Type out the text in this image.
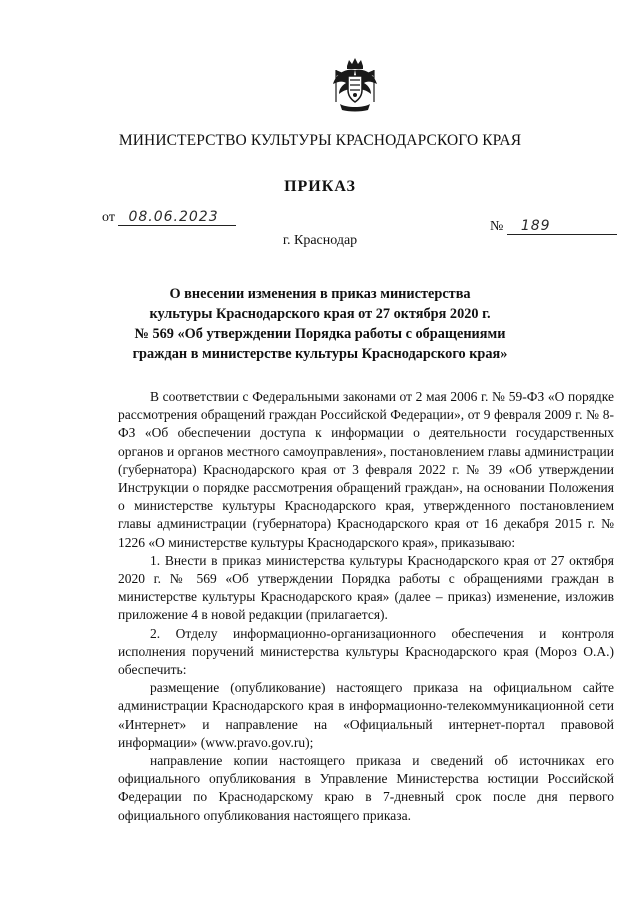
МИНИСТЕРСТВО КУЛЬТУРЫ КРАСНОДАРСКОГО КРАЯ
ПРИКАЗ
от 08.06.2023
№ 189
г. Краснодар
О внесении изменения в приказ министерства
культуры Краснодарского края от 27 октября 2020 г.
№ 569 «Об утверждении Порядка работы с обращениями
граждан в министерстве культуры Краснодарского края»

В соответствии с Федеральными законами от 2 мая 2006 г. № 59-ФЗ «О порядке рассмотрения обращений граждан Российской Федерации», от 9 февраля 2009 г. № 8-ФЗ «Об обеспечении доступа к информации о деятельности государственных органов и органов местного самоуправления», постановлением главы администрации (губернатора) Краснодарского края от 3 февраля 2022 г. № 39 «Об утверждении Инструкции о порядке рассмотрения обращений граждан», на основании Положения о министерстве культуры Краснодарского края, утвержденного постановлением главы администрации (губернатора) Краснодарского края от 16 декабря 2015 г. № 1226 «О министерстве культуры Краснодарского края», приказываю:

1. Внести в приказ министерства культуры Краснодарского края от 27 октября 2020 г. № 569 «Об утверждении Порядка работы с обращениями граждан в министерстве культуры Краснодарского края» (далее – приказ) изменение, изложив приложение 4 в новой редакции (прилагается).

2. Отделу информационно-организационного обеспечения и контроля исполнения поручений министерства культуры Краснодарского края (Мороз О.А.) обеспечить:

размещение (опубликование) настоящего приказа на официальном сайте администрации Краснодарского края в информационно-телекоммуникационной сети «Интернет» и направление на «Официальный интернет-портал правовой информации» (www.pravo.gov.ru);

направление копии настоящего приказа и сведений об источниках его официального опубликования в Управление Министерства юстиции Российской Федерации по Краснодарскому краю в 7-дневный срок после дня первого официального опубликования настоящего приказа.
